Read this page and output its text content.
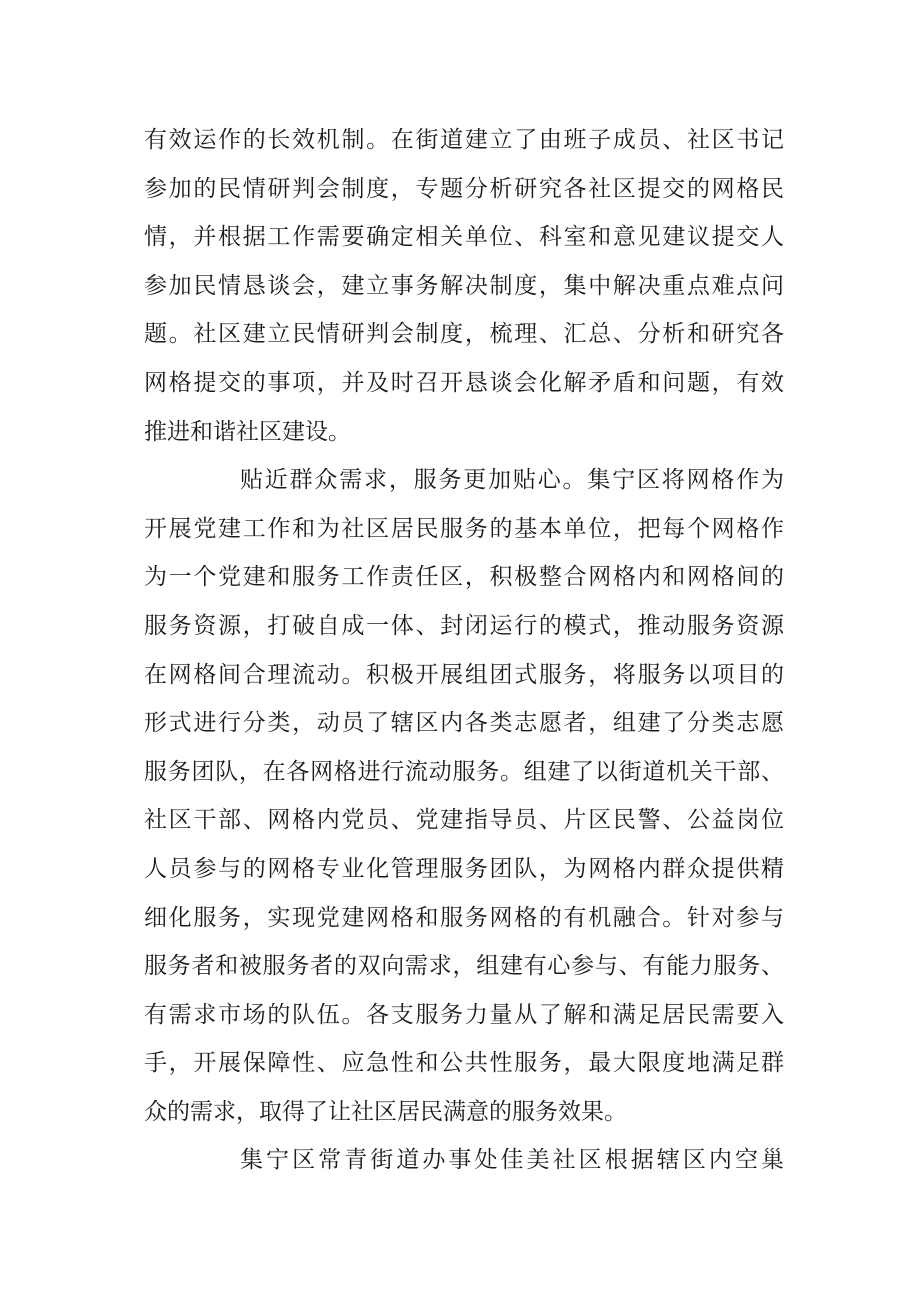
有效运作的长效机制。在街道建立了由班子成员、社区书记
参加的民情研判会制度，专题分析研究各社区提交的网格民
情，并根据工作需要确定相关单位、科室和意见建议提交人
参加民情恳谈会，建立事务解决制度，集中解决重点难点问
题。社区建立民情研判会制度，梳理、汇总、分析和研究各
网格提交的事项，并及时召开恳谈会化解矛盾和问题，有效
推进和谐社区建设。
贴近群众需求，服务更加贴心。集宁区将网格作为
开展党建工作和为社区居民服务的基本单位，把每个网格作
为一个党建和服务工作责任区，积极整合网格内和网格间的
服务资源，打破自成一体、封闭运行的模式，推动服务资源
在网格间合理流动。积极开展组团式服务，将服务以项目的
形式进行分类，动员了辖区内各类志愿者，组建了分类志愿
服务团队，在各网格进行流动服务。组建了以街道机关干部、
社区干部、网格内党员、党建指导员、片区民警、公益岗位
人员参与的网格专业化管理服务团队，为网格内群众提供精
细化服务，实现党建网格和服务网格的有机融合。针对参与
服务者和被服务者的双向需求，组建有心参与、有能力服务、
有需求市场的队伍。各支服务力量从了解和满足居民需要入
手，开展保障性、应急性和公共性服务，最大限度地满足群
众的需求，取得了让社区居民满意的服务效果。
集宁区常青街道办事处佳美社区根据辖区内空巢
